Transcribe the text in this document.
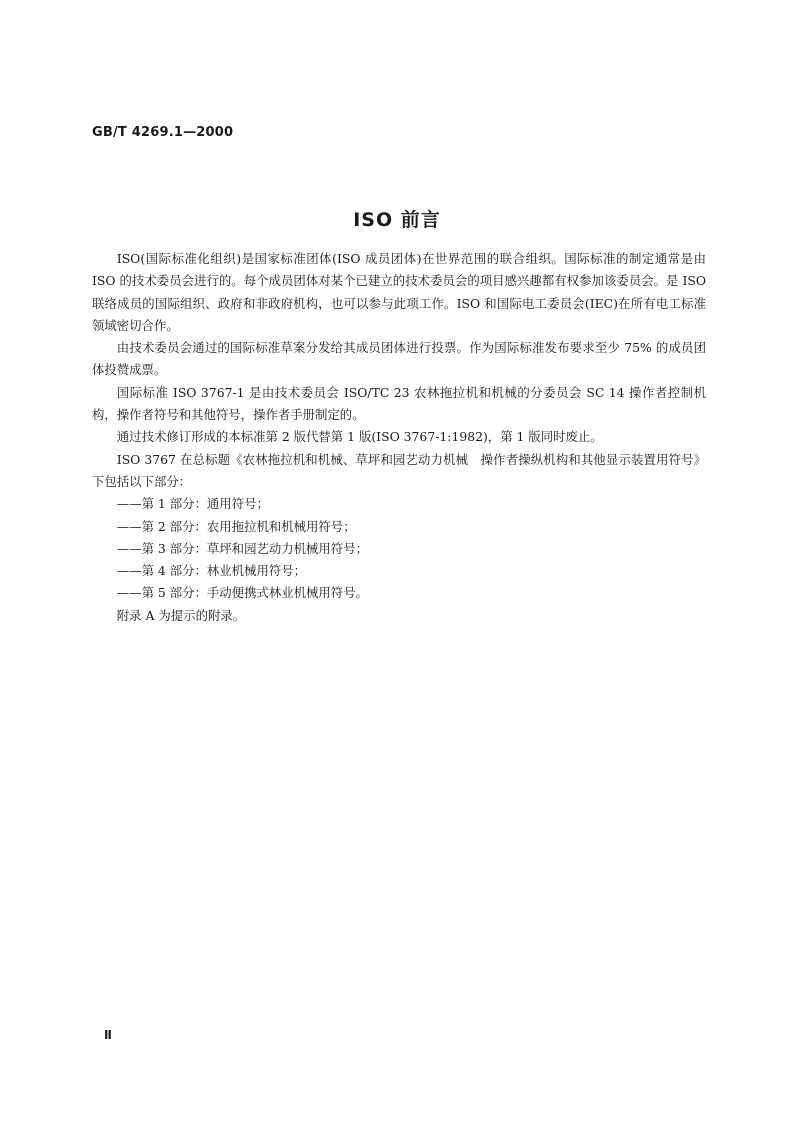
GB/T 4269.1—2000
ISO 前言

ISO(国际标准化组织)是国家标准团体(ISO 成员团体)在世界范围的联合组织。国际标准的制定通常是由 ISO 的技术委员会进行的。每个成员团体对某个已建立的技术委员会的项目感兴趣都有权参加该委员会。是 ISO 联络成员的国际组织、政府和非政府机构，也可以参与此项工作。ISO 和国际电工委员会(IEC)在所有电工标准领域密切合作。

由技术委员会通过的国际标准草案分发给其成员团体进行投票。作为国际标准发布要求至少 75% 的成员团体投赞成票。

国际标准 ISO 3767-1 是由技术委员会 ISO/TC 23 农林拖拉机和机械的分委员会 SC 14 操作者控制机构，操作者符号和其他符号，操作者手册制定的。

通过技术修订形成的本标准第 2 版代替第 1 版(ISO 3767-1:1982)，第 1 版同时废止。

ISO 3767 在总标题《农林拖拉机和机械、草坪和园艺动力机械　操作者操纵机构和其他显示装置用符号》下包括以下部分：

——第 1 部分：通用符号；

——第 2 部分：农用拖拉机和机械用符号；

——第 3 部分：草坪和园艺动力机械用符号；

——第 4 部分：林业机械用符号；

——第 5 部分：手动便携式林业机械用符号。

附录 A 为提示的附录。

Ⅱ
